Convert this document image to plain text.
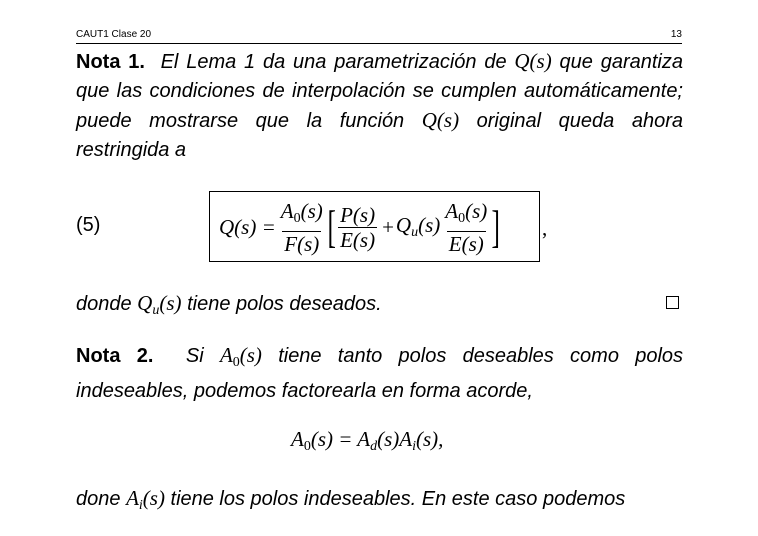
CAUT1 Clase 20	13
Nota 1. El Lema 1 da una parametrización de Q(s) que garantiza que las condiciones de interpolación se cumplen automáticamente; puede mostrarse que la función Q(s) original queda ahora restringida a
(5)	$Q(s) = \frac{A_0(s)}{F(s)}$ [ $\frac{P(s)}{E(s)} + Q_u(s) \frac{A_0(s)}{E(s)}$ ] ,
donde $Q_u(s)$ tiene polos deseados.
Nota 2. Si $A_0(s)$ tiene tanto polos deseables como polos indeseables, podemos factorearla en forma acorde,
$A_0(s) = A_d(s)A_i(s)$,
done $A_i(s)$ tiene los polos indeseables. En este caso podemos
